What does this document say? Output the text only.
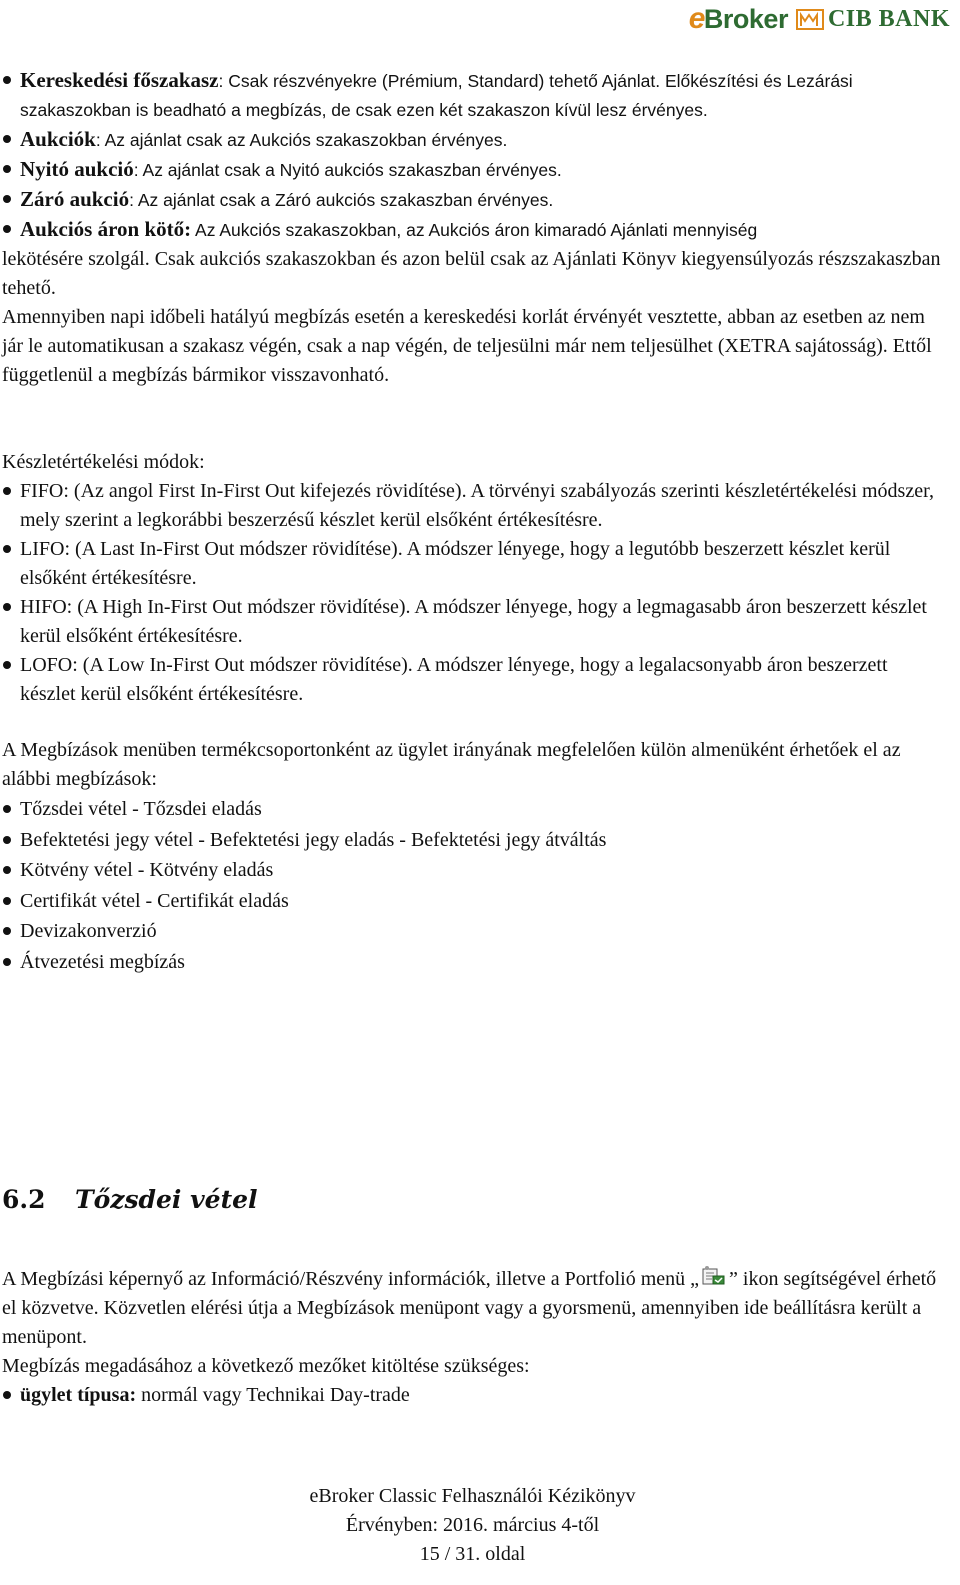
e Broker CIB BANK
Kereskedési főszakasz: Csak részvényekre (Prémium, Standard) tehető Ajánlat. Előkészítési és Lezárási szakaszokban is beadható a megbízás, de csak ezen két szakaszon kívül lesz érvényes.
Aukciók: Az ajánlat csak az Aukciós szakaszokban érvényes.
Nyitó aukció: Az ajánlat csak a Nyitó aukciós szakaszban érvényes.
Záró aukció: Az ajánlat csak a Záró aukciós szakaszban érvényes.
Aukciós áron kötő: Az Aukciós szakaszokban, az Aukciós áron kimaradó Ajánlati mennyiség
lekötésére szolgál. Csak aukciós szakaszokban és azon belül csak az Ajánlati Könyv kiegyensúlyozás részszakaszban tehető.
Amennyiben napi időbeli hatályú megbízás esetén a kereskedési korlát érvényét vesztette, abban az esetben az nem jár le automatikusan a szakasz végén, csak a nap végén, de teljesülni már nem teljesülhet (XETRA sajátosság). Ettől függetlenül a megbízás bármikor visszavonható.
Készletértékelési módok:
FIFO: (Az angol First In-First Out kifejezés rövidítése). A törvényi szabályozás szerinti készletértékelési módszer, mely szerint a legkorábbi beszerzésű készlet kerül elsőként értékesítésre.
LIFO: (A Last In-First Out módszer rövidítése). A módszer lényege, hogy a legutóbb beszerzett készlet kerül elsőként értékesítésre.
HIFO: (A High In-First Out módszer rövidítése). A módszer lényege, hogy a legmagasabb áron beszerzett készlet kerül elsőként értékesítésre.
LOFO: (A Low In-First Out módszer rövidítése). A módszer lényege, hogy a legalacsonyabb áron beszerzett készlet kerül elsőként értékesítésre.
A Megbízások menüben termékcsoportonként az ügylet irányának megfelelően külön almenüként érhetőek el az alábbi megbízások:
Tőzsdei vétel - Tőzsdei eladás
Befektetési jegy vétel - Befektetési jegy eladás - Befektetési jegy átváltás
Kötvény vétel - Kötvény eladás
Certifikát vétel - Certifikát eladás
Devizakonverzió
Átvezetési megbízás
6.2 Tőzsdei vétel
A Megbízási képernyő az Információ/Részvény információk, illetve a Portfolió menü „ ” ikon segítségével érhető el közvetve. Közvetlen elérési útja a Megbízások menüpont vagy a gyorsmenü, amennyiben ide beállításra került a menüpont.
Megbízás megadásához a következő mezőket kitöltése szükséges:
ügylet típusa: normál vagy Technikai Day-trade
eBroker Classic Felhasználói Kézikönyv
Érvényben: 2016. március 4-től
15 / 31. oldal
